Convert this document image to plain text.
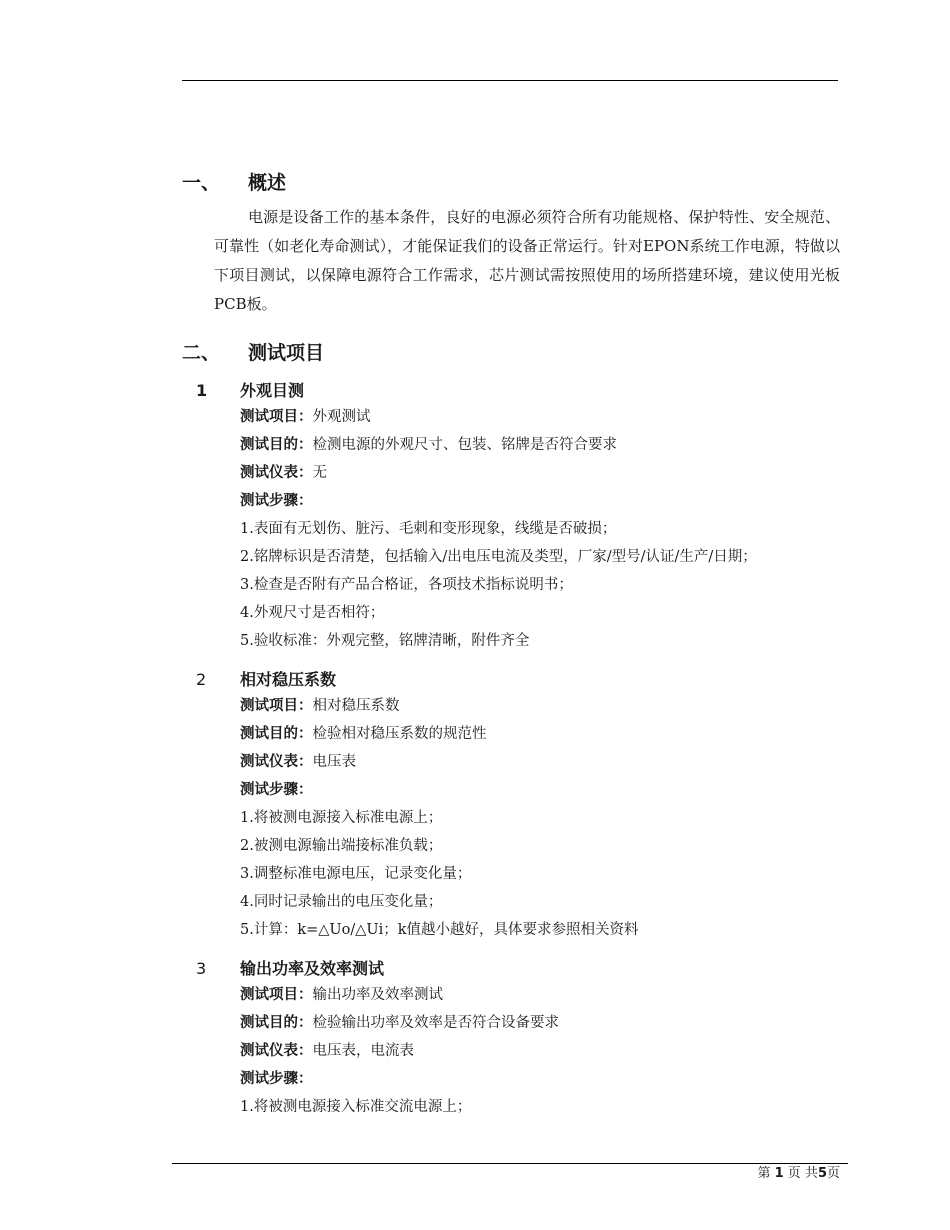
一、 概述
电源是设备工作的基本条件，良好的电源必须符合所有功能规格、保护特性、安全规范、可靠性（如老化寿命测试），才能保证我们的设备正常运行。针对EPON系统工作电源，特做以下项目测试，以保障电源符合工作需求，芯片测试需按照使用的场所搭建环境，建议使用光板PCB板。
二、 测试项目
1 外观目测
测试项目：外观测试
测试目的：检测电源的外观尺寸、包装、铭牌是否符合要求
测试仪表：无
测试步骤：
1.表面有无划伤、脏污、毛刺和变形现象，线缆是否破损；
2.铭牌标识是否清楚，包括输入/出电压电流及类型，厂家/型号/认证/生产/日期；
3.检查是否附有产品合格证，各项技术指标说明书；
4.外观尺寸是否相符；
5.验收标准：外观完整，铭牌清晰，附件齐全
2 相对稳压系数
测试项目：相对稳压系数
测试目的：检验相对稳压系数的规范性
测试仪表：电压表
测试步骤：
1.将被测电源接入标准电源上；
2.被测电源输出端接标准负载；
3.调整标准电源电压，记录变化量；
4.同时记录输出的电压变化量；
5.计算：k=△Uo/△Ui；k值越小越好，具体要求参照相关资料
3 输出功率及效率测试
测试项目：输出功率及效率测试
测试目的：检验输出功率及效率是否符合设备要求
测试仪表：电压表，电流表
测试步骤：
1.将被测电源接入标准交流电源上；
第 1 页 共5页
